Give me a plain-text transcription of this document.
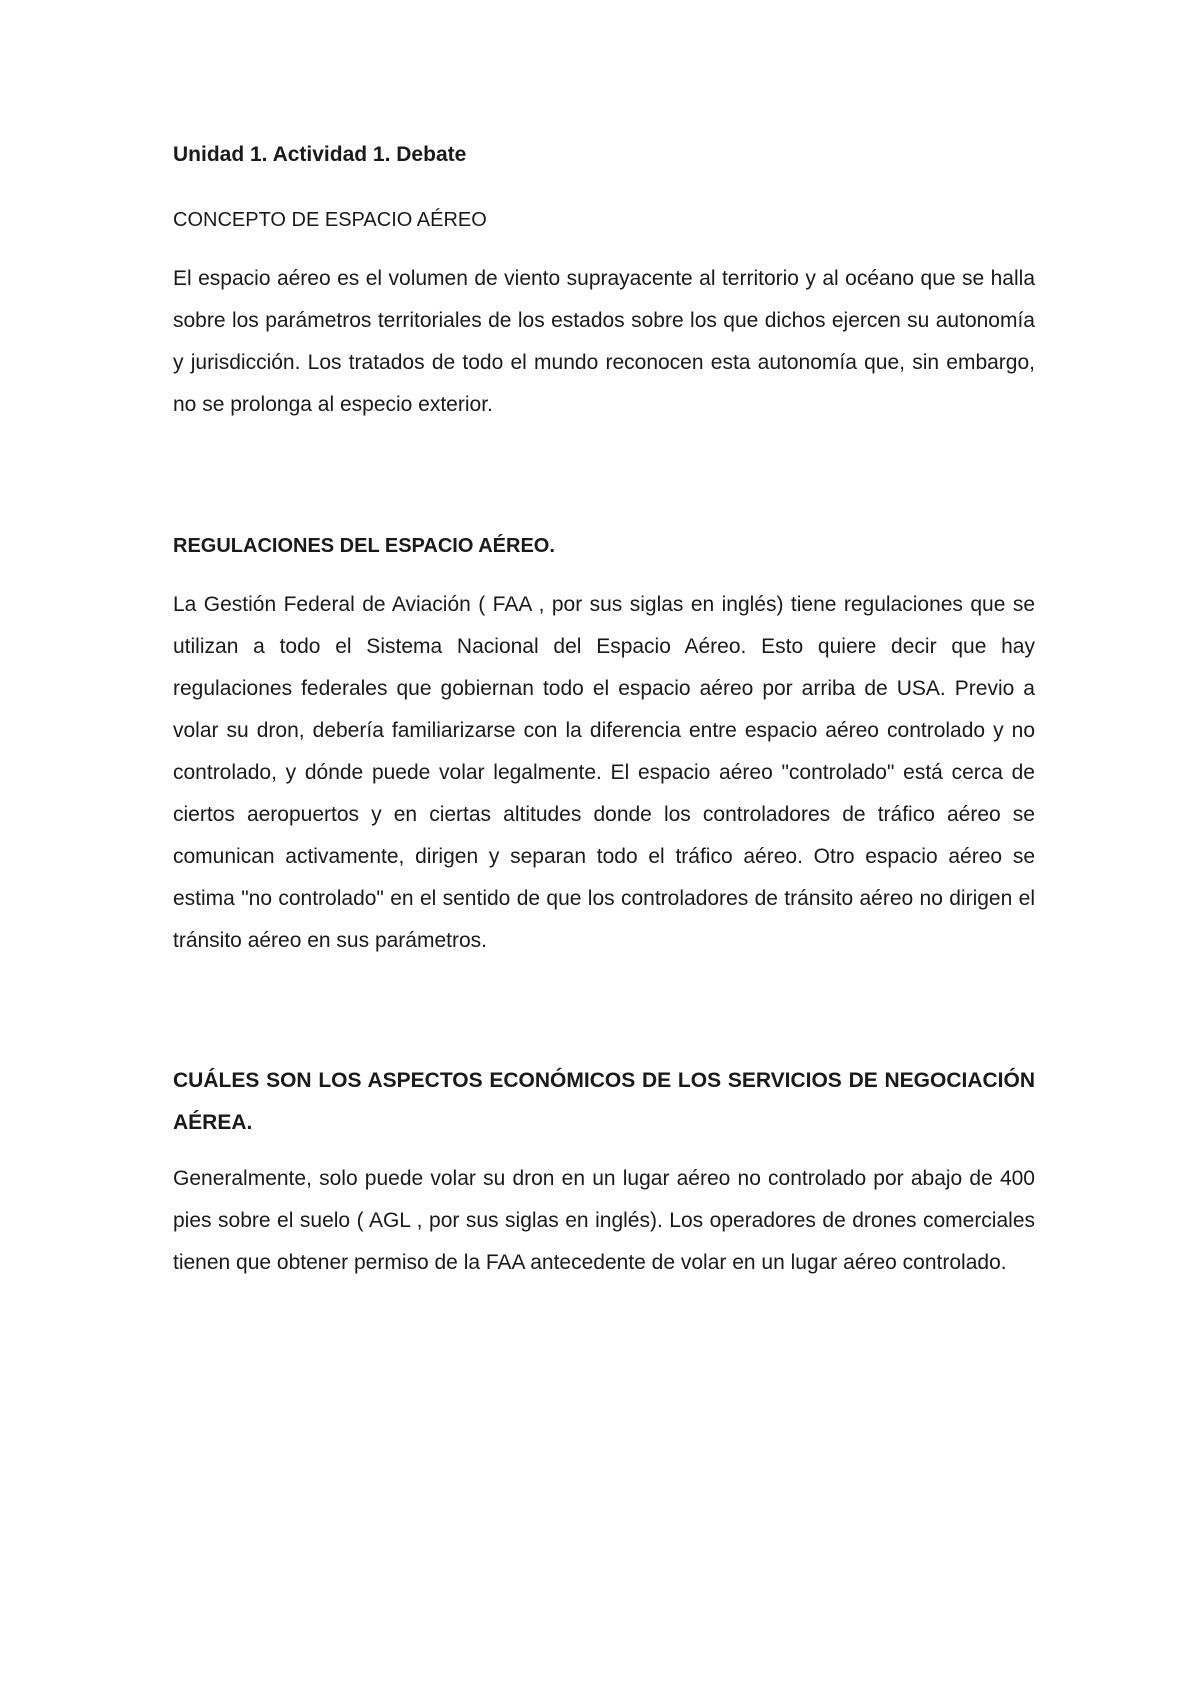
Unidad 1. Actividad 1. Debate
CONCEPTO DE ESPACIO AÉREO

El espacio aéreo es el volumen de viento suprayacente al territorio y al océano que se halla sobre los parámetros territoriales de los estados sobre los que dichos ejercen su autonomía y jurisdicción. Los tratados de todo el mundo reconocen esta autonomía que, sin embargo, no se prolonga al especio exterior.

REGULACIONES DEL ESPACIO AÉREO.

La Gestión Federal de Aviación ( FAA , por sus siglas en inglés) tiene regulaciones que se utilizan a todo el Sistema Nacional del Espacio Aéreo. Esto quiere decir que hay regulaciones federales que gobiernan todo el espacio aéreo por arriba de USA. Previo a volar su dron, debería familiarizarse con la diferencia entre espacio aéreo controlado y no controlado, y dónde puede volar legalmente. El espacio aéreo "controlado" está cerca de ciertos aeropuertos y en ciertas altitudes donde los controladores de tráfico aéreo se comunican activamente, dirigen y separan todo el tráfico aéreo. Otro espacio aéreo se estima "no controlado" en el sentido de que los controladores de tránsito aéreo no dirigen el tránsito aéreo en sus parámetros.

CUÁLES SON LOS ASPECTOS ECONÓMICOS DE LOS SERVICIOS DE NEGOCIACIÓN AÉREA.

Generalmente, solo puede volar su dron en un lugar aéreo no controlado por abajo de 400 pies sobre el suelo ( AGL , por sus siglas en inglés). Los operadores de drones comerciales tienen que obtener permiso de la FAA antecedente de volar en un lugar aéreo controlado.
